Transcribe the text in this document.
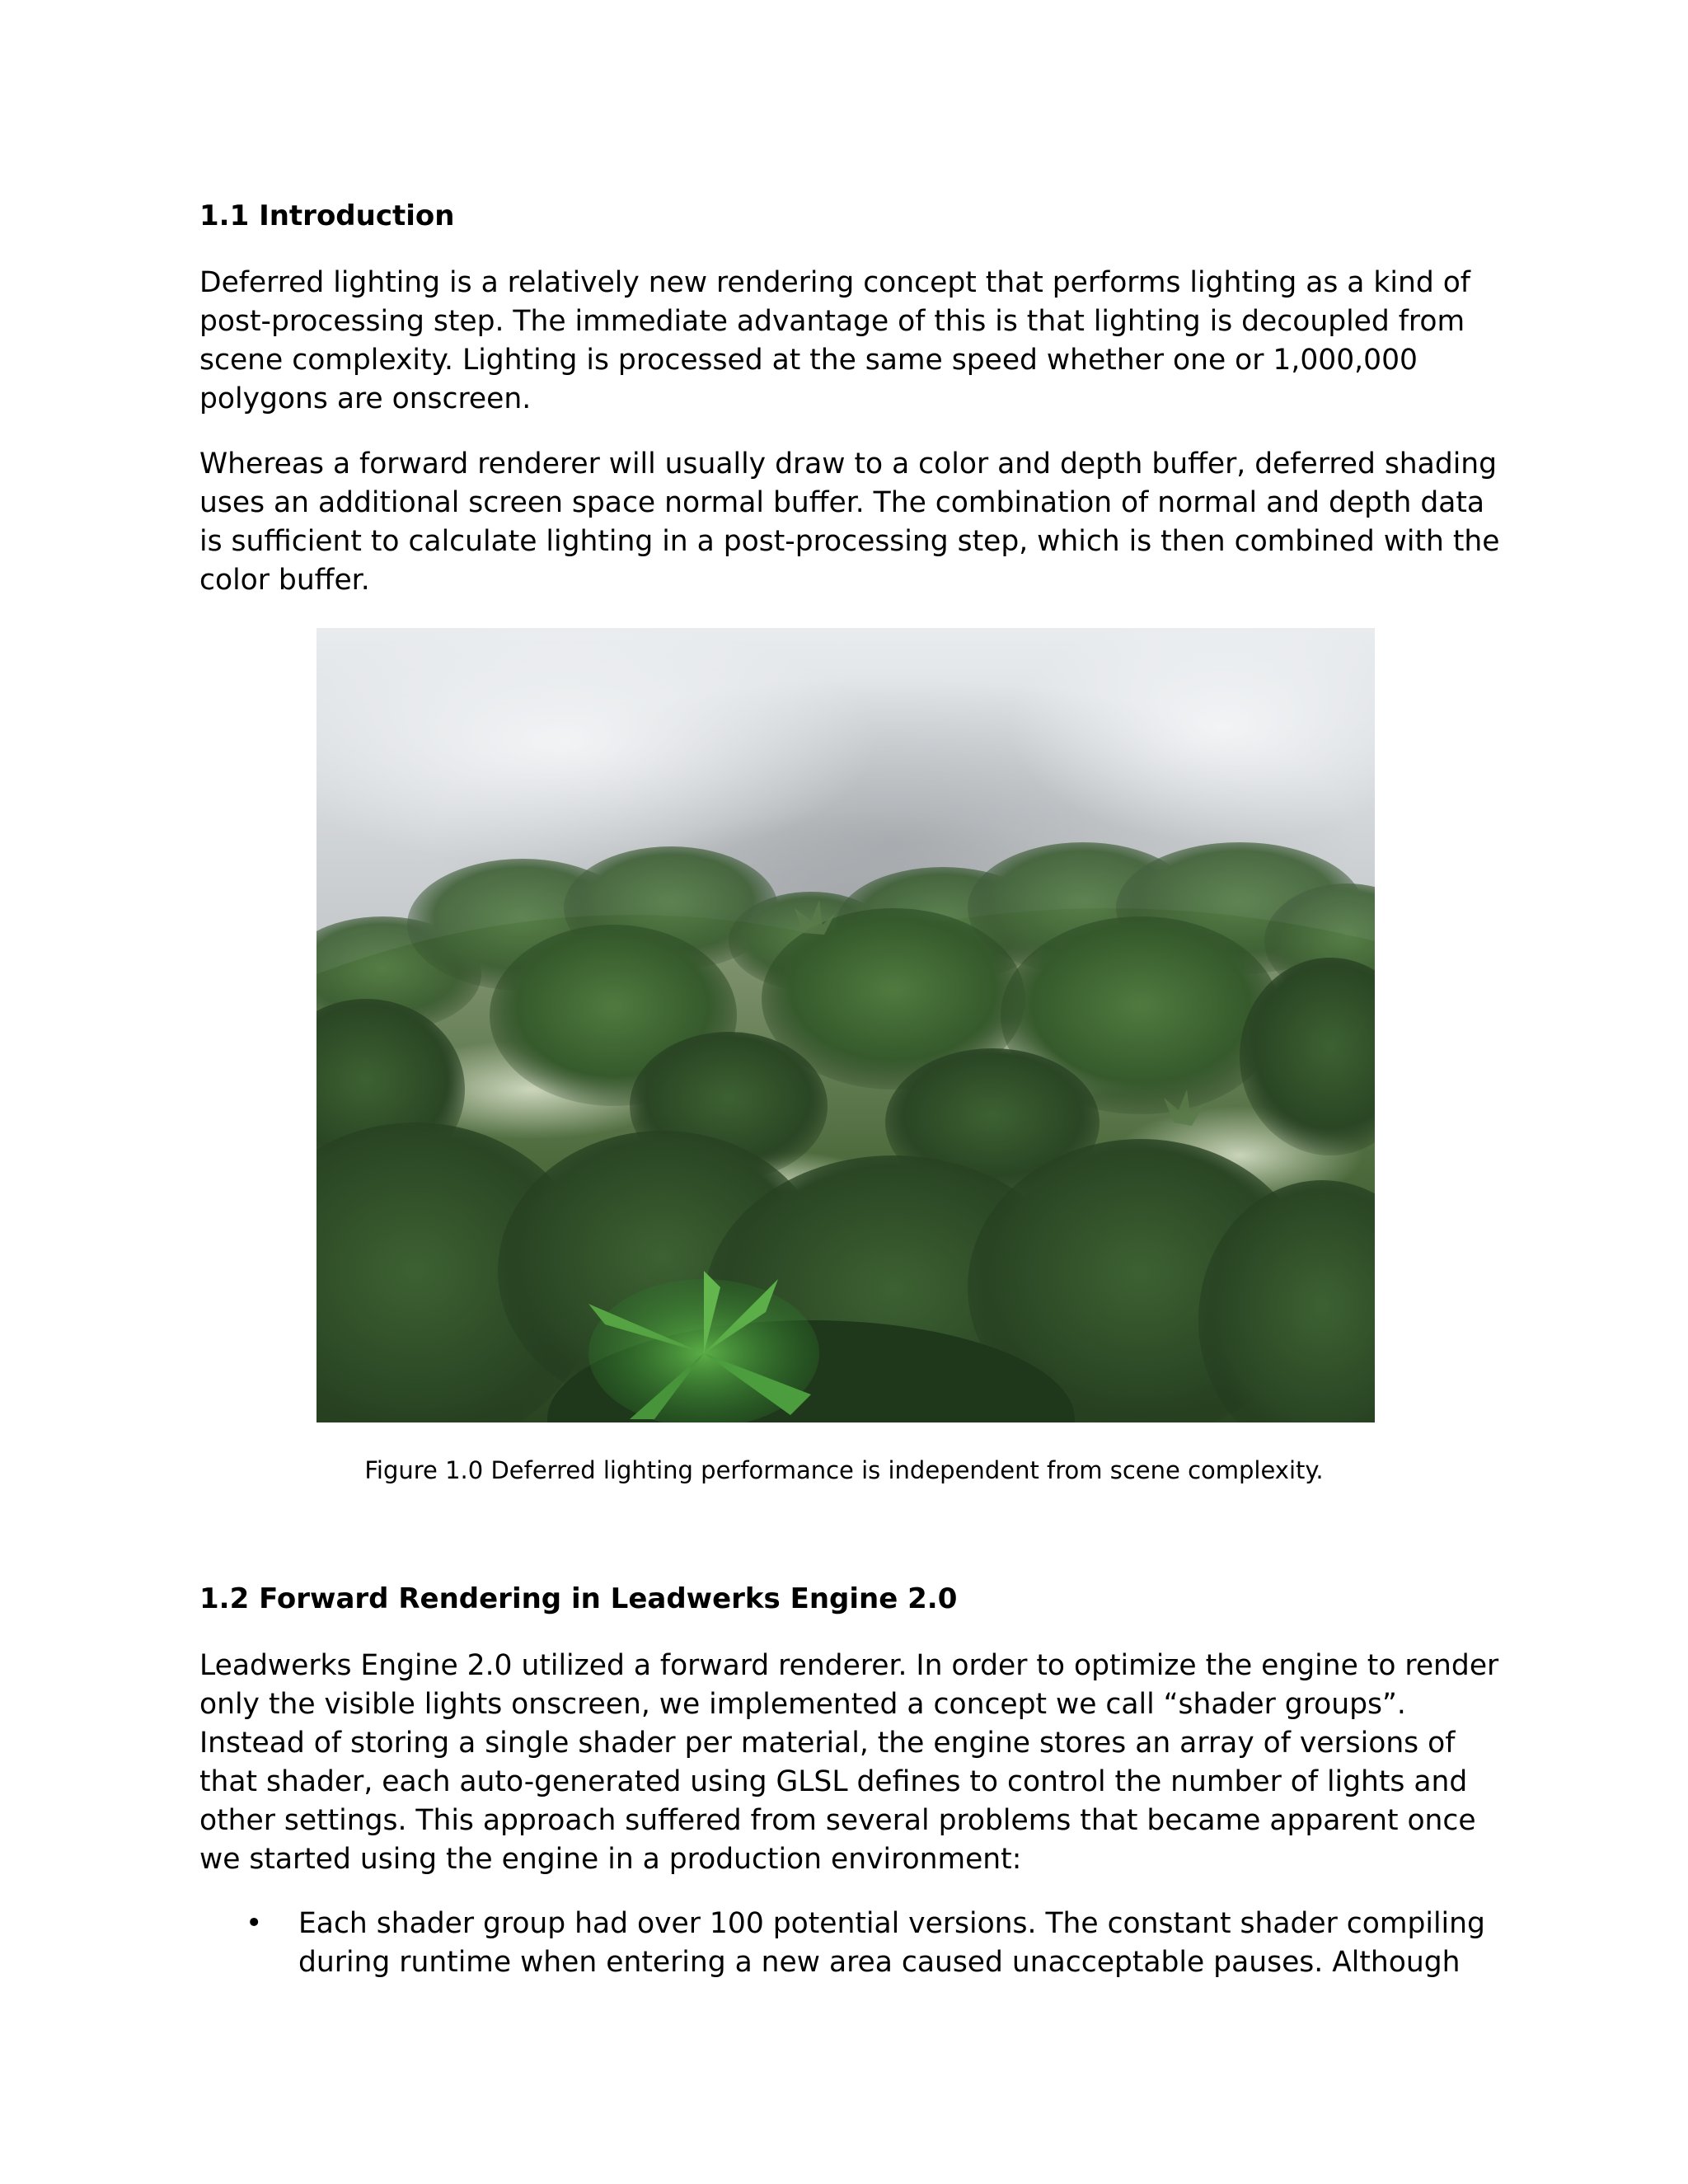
1.1 Introduction

Deferred lighting is a relatively new rendering concept that performs lighting as a kind of
post-processing step. The immediate advantage of this is that lighting is decoupled from
scene complexity. Lighting is processed at the same speed whether one or 1,000,000
polygons are onscreen.

Whereas a forward renderer will usually draw to a color and depth buffer, deferred shading
uses an additional screen space normal buffer. The combination of normal and depth data
is sufficient to calculate lighting in a post-processing step, which is then combined with the
color buffer.

Figure 1.0 Deferred lighting performance is independent from scene complexity.
1.2 Forward Rendering in Leadwerks Engine 2.0

Leadwerks Engine 2.0 utilized a forward renderer. In order to optimize the engine to render
only the visible lights onscreen, we implemented a concept we call “shader groups”.
Instead of storing a single shader per material, the engine stores an array of versions of
that shader, each auto-generated using GLSL defines to control the number of lights and
other settings. This approach suffered from several problems that became apparent once
we started using the engine in a production environment:

• Each shader group had over 100 potential versions. The constant shader compiling
during runtime when entering a new area caused unacceptable pauses. Although
